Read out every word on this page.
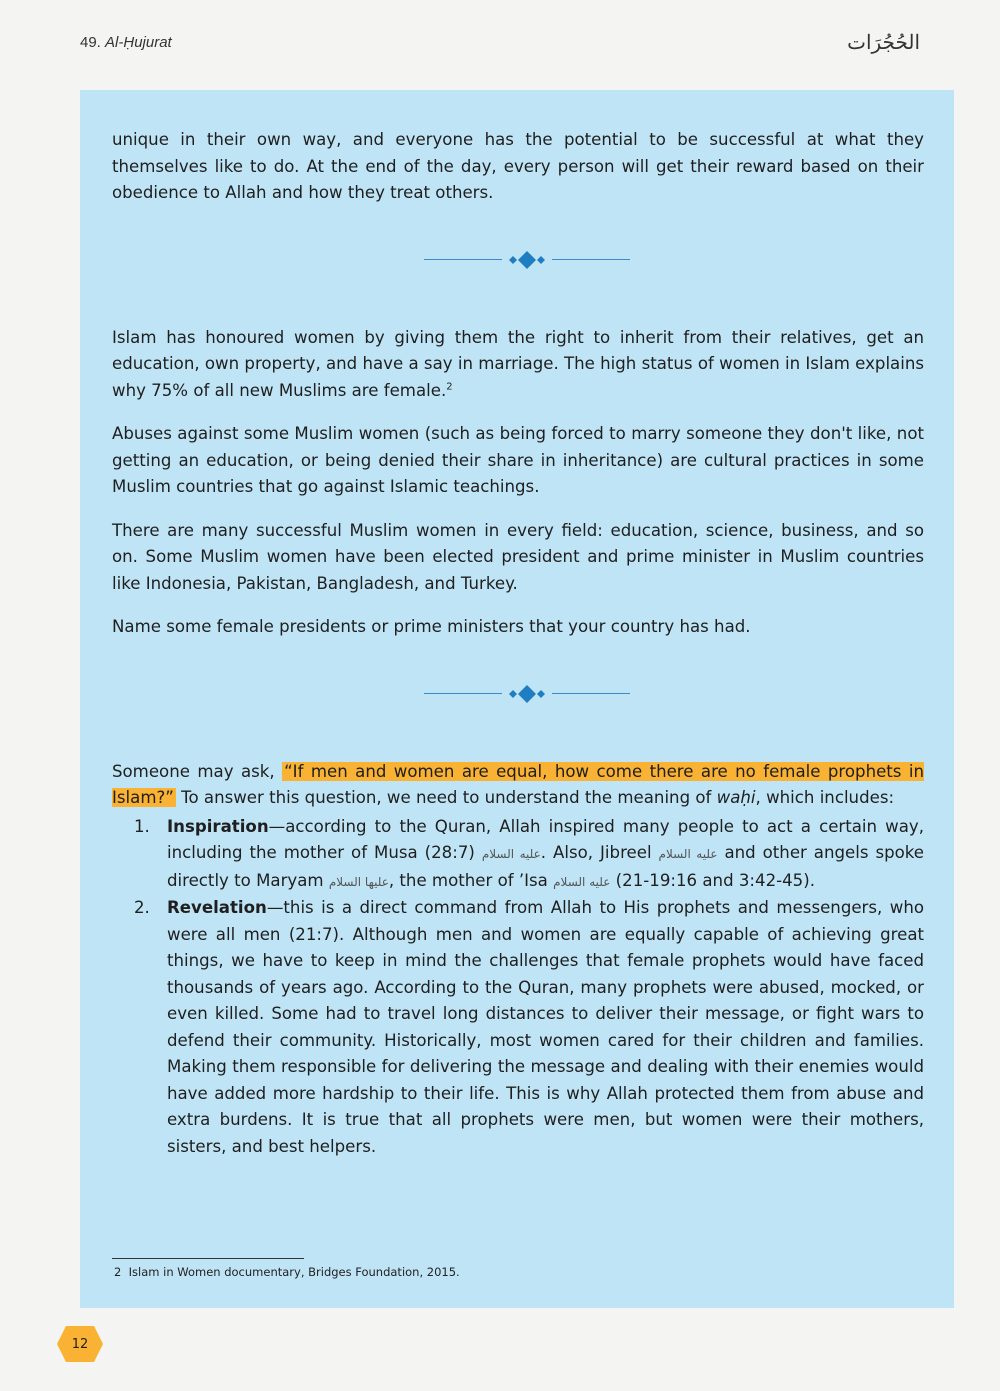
49. Al-Ḥujurat	الحُجُرَات

unique in their own way, and everyone has the potential to be successful at what they themselves like to do. At the end of the day, every person will get their reward based on their obedience to Allah and how they treat others.

Islam has honoured women by giving them the right to inherit from their relatives, get an education, own property, and have a say in marriage. The high status of women in Islam explains why 75% of all new Muslims are female.$^2$

Abuses against some Muslim women (such as being forced to marry someone they don't like, not getting an education, or being denied their share in inheritance) are cultural practices in some Muslim countries that go against Islamic teachings.

There are many successful Muslim women in every field: education, science, business, and so on. Some Muslim women have been elected president and prime minister in Muslim countries like Indonesia, Pakistan, Bangladesh, and Turkey.

Name some female presidents or prime ministers that your country has had.

Someone may ask, “If men and women are equal, how come there are no female prophets in Islam?” To answer this question, we need to understand the meaning of waḥi, which includes:

1. Inspiration—according to the Quran, Allah inspired many people to act a certain way, including the mother of Musa	عليه السلام (28:7). Also, Jibreel عليه السلام and other angels spoke directly to Maryam عليها السلام, the mother of ’Isa عليه السلام (19:16-21 and 3:42-45).
2. Revelation—this is a direct command from Allah to His prophets and messengers, who were all men (21:7). Although men and women are equally capable of achieving great things, we have to keep in mind the challenges that female prophets would have faced thousands of years ago. According to the Quran, many prophets were abused, mocked, or even killed. Some had to travel long distances to deliver their message, or fight wars to defend their community. Historically, most women cared for their children and families. Making them responsible for delivering the message and dealing with their enemies would have added more hardship to their life. This is why Allah protected them from abuse and extra burdens. It is true that all prophets were men, but women were their mothers, sisters, and best helpers.
2 Islam in Women documentary, Bridges Foundation, 2015.
12
